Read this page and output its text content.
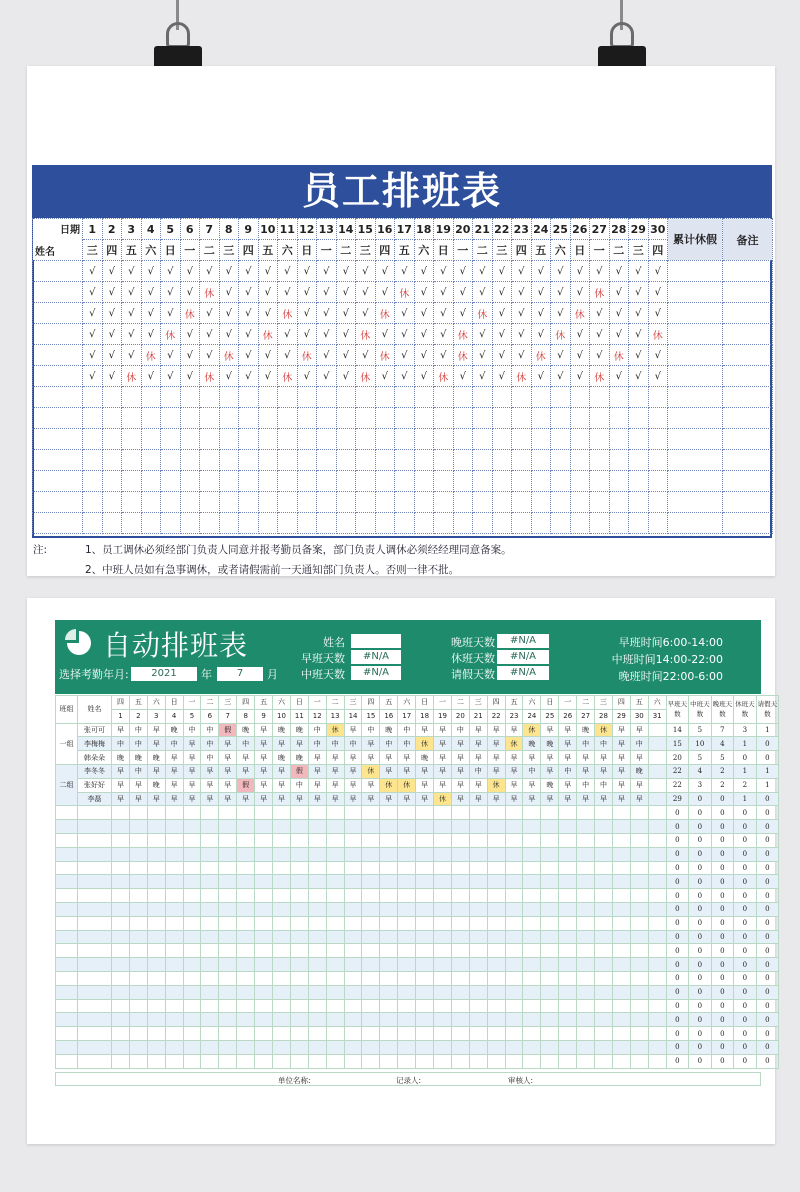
员工排班表
日期
姓名	1	2	3	4	5	6	7	8	9	10	11	12	13	14	15	16	17	18	19	20	21	22	23	24	25	26	27	28	29	30	累计休假	备注
	三	四	五	六	日	一	二	三	四	五	六	日	一	二	三	四	五	六	日	一	二	三	四	五	六	日	一	二	三	四		
	√	√	√	√	√	√	√	√	√	√	√	√	√	√	√	√	√	√	√	√	√	√	√	√	√	√	√	√	√	√		
	√	√	√	√	√	√	休	√	√	√	√	√	√	√	√	√	休	√	√	√	√	√	√	√	√	√	休	√	√	√		
	√	√	√	√	√	休	√	√	√	√	休	√	√	√	√	休	√	√	√	√	休	√	√	√	√	休	√	√	√	√		
	√	√	√	√	休	√	√	√	√	休	√	√	√	√	休	√	√	√	√	休	√	√	√	√	休	√	√	√	√	休		
	√	√	√	休	√	√	√	休	√	√	√	休	√	√	√	休	√	√	√	休	√	√	√	休	√	√	√	休	√	√		
	√	√	休	√	√	√	休	√	√	√	休	√	√	√	休	√	√	√	休	√	√	√	休	√	√	√	休	√	√	√		

注:	1、员工调休必须经部门负责人同意并报考勤员备案，部门负责人调休必须经经理同意备案。
2、中班人员如有急事调休，或者请假需前一天通知部门负责人。否则一律不批。
自动排班表
选择考勤年月:	2021	年	7	月
姓名
早班天数	#N/A
中班天数	#N/A
晚班天数	#N/A
休班天数	#N/A
请假天数	#N/A
早班时间6:00-14:00
中班时间14:00-22:00
晚班时间22:00-6:00
班组	姓名	四	五	六	日	一	二	三	四	五	六	日	一	二	三	四	五	六	日	一	二	三	四	五	六	日	一	二	三	四	五	六	早班天数	中班天数	晚班天数	休班天数	请假天数
		1	2	3	4	5	6	7	8	9	10	11	12	13	14	15	16	17	18	19	20	21	22	23	24	25	26	27	28	29	30	31					
一组	张可可	早	中	早	晚	中	中	假	晚	早	晚	晚	中	休	早	中	晚	中	早	早	中	早	早	早	休	早	早	晚	休	早	早		14	5	7	3	1
	李梅梅	中	中	早	中	早	中	早	中	早	早	早	中	中	中	早	中	中	休	早	早	早	早	休	晚	晚	早	中	中	早	中		15	10	4	1	0
	韩朵朵	晚	晚	晚	早	早	中	早	早	早	晚	晚	早	早	早	早	早	早	晚	早	早	早	早	早	早	早	早	早	早	早	早		20	5	5	0	0
二组	李冬冬	早	中	早	早	早	早	早	早	早	早	假	早	早	早	休	早	早	早	早	早	中	早	早	中	早	中	早	早	早	晚		22	4	2	1	1
	张好好	早	早	晚	早	早	早	早	假	早	早	中	早	早	早	早	休	休	早	早	早	早	休	早	早	晚	早	中	中	早	早		22	3	2	2	1
	李磊	早	早	早	早	早	早	早	早	早	早	早	早	早	早	早	早	早	早	休	早	早	早	早	早	早	早	早	早	早	早		29	0	0	1	0
																																	0	0	0	0	0
																																	0	0	0	0	0
																																	0	0	0	0	0
																																	0	0	0	0	0
																																	0	0	0	0	0
																																	0	0	0	0	0
																																	0	0	0	0	0
																																	0	0	0	0	0
																																	0	0	0	0	0
																																	0	0	0	0	0
																																	0	0	0	0	0
																																	0	0	0	0	0
																																	0	0	0	0	0
																																	0	0	0	0	0
																																	0	0	0	0	0
																																	0	0	0	0	0
																																	0	0	0	0	0
																																	0	0	0	0	0
																																	0	0	0	0	0
单位名称:	记录人:	审核人:
